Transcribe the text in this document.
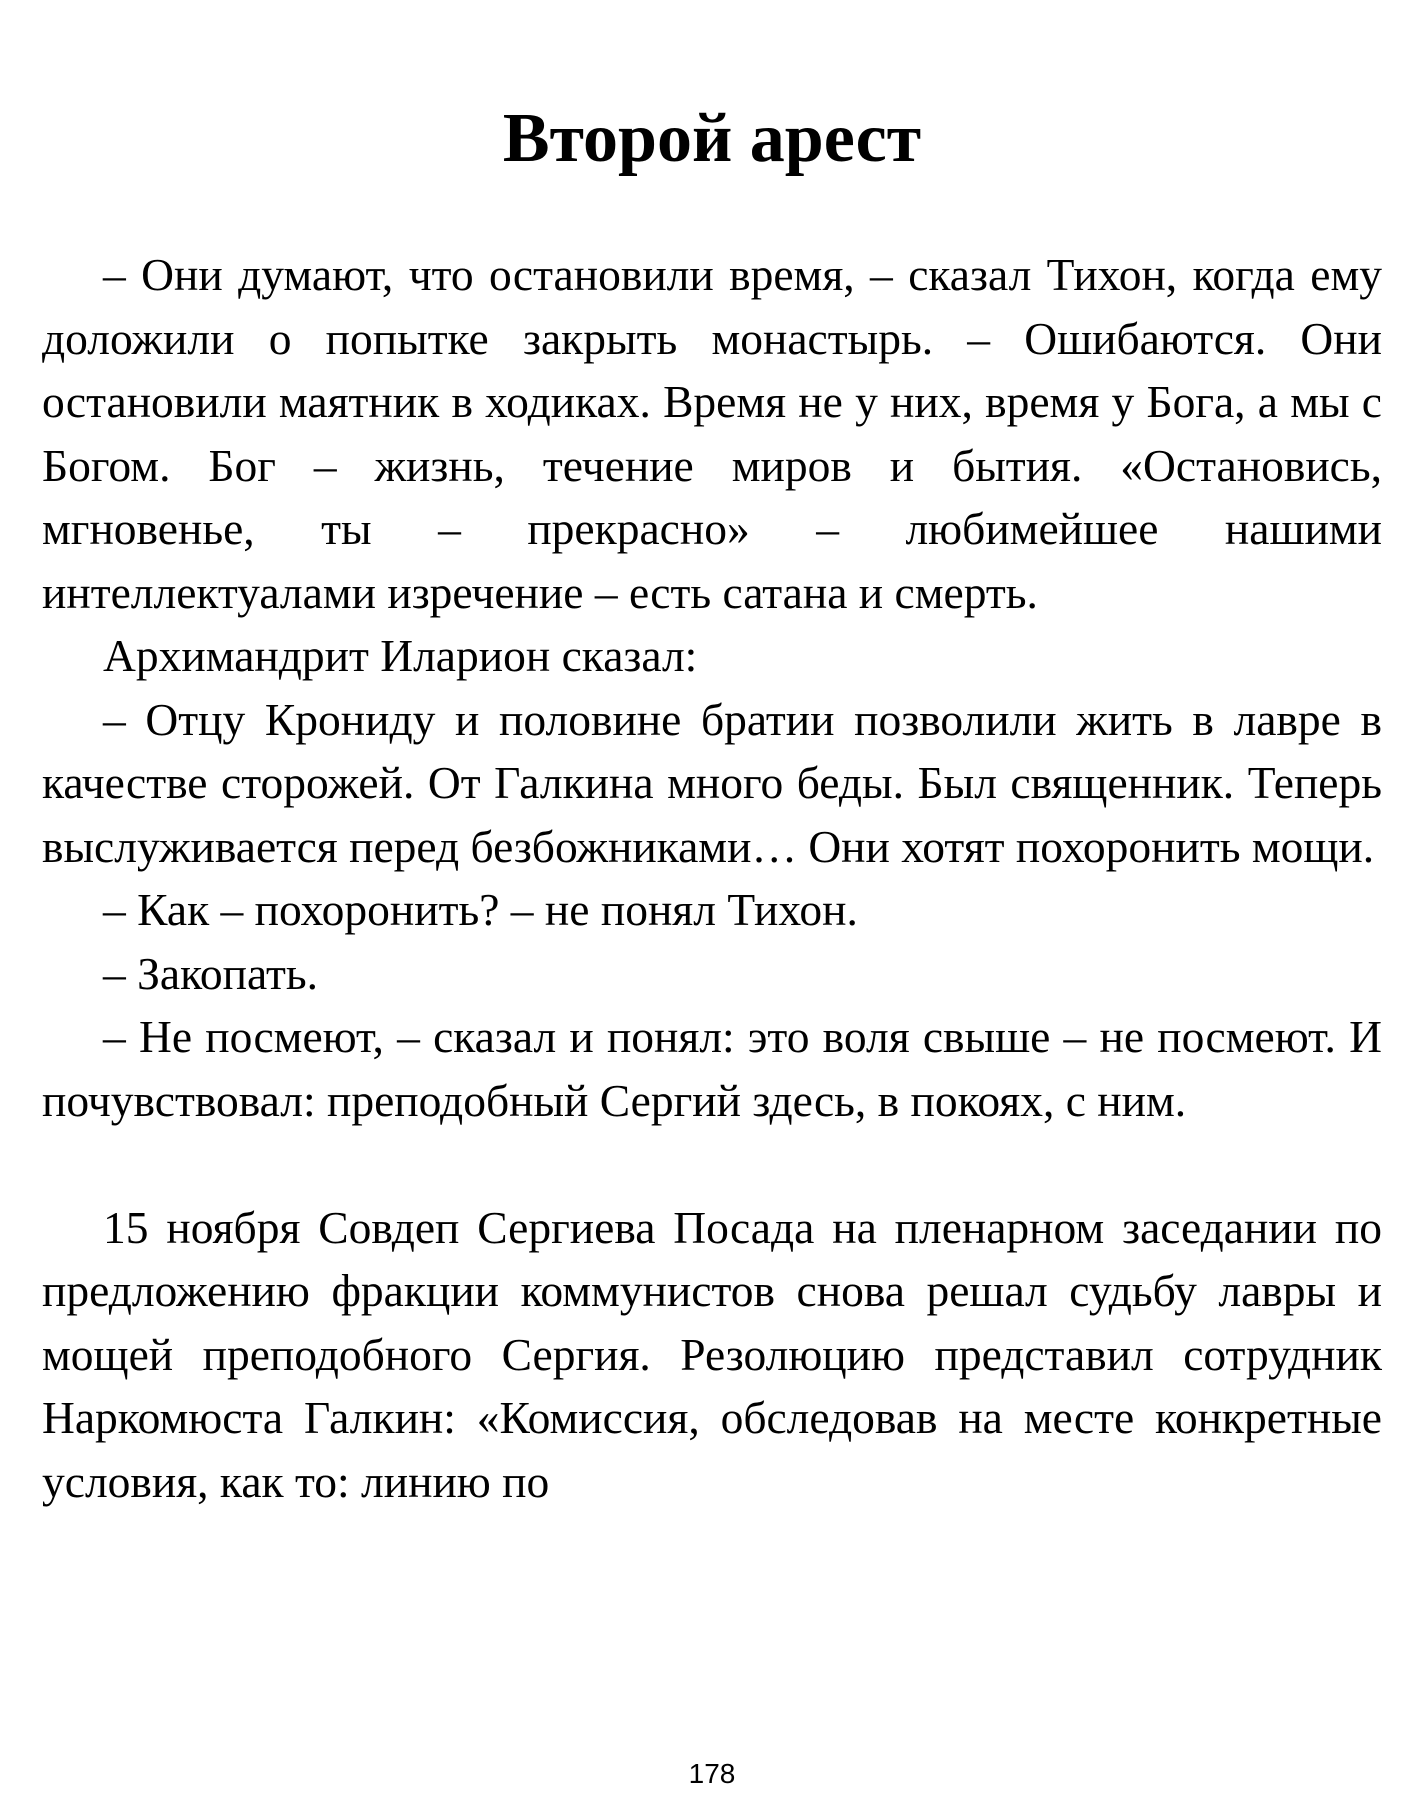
Второй арест

– Они думают, что остановили время, – сказал Тихон, когда ему доложили о попытке закрыть монастырь. – Ошибаются. Они остановили маятник в ходиках. Время не у них, время у Бога, а мы с Богом. Бог – жизнь, течение миров и бытия. «Остановись, мгновенье, ты – прекрасно» – любимейшее нашими интеллектуалами изречение – есть сатана и смерть.

Архимандрит Иларион сказал:

– Отцу Крониду и половине братии позволили жить в лавре в качестве сторожей. От Галкина много беды. Был священник. Теперь выслуживается перед безбожниками… Они хотят похоронить мощи.

– Как – похоронить? – не понял Тихон.

– Закопать.

– Не посмеют, – сказал и понял: это воля свыше – не посмеют. И почувствовал: преподобный Сергий здесь, в покоях, с ним.

15 ноября Совдеп Сергиева Посада на пленарном заседании по предложению фракции коммунистов снова решал судьбу лавры и мощей преподобного Сергия. Резолюцию представил сотрудник Наркомюста Галкин: «Комиссия, обследовав на месте конкретные условия, как то: линию по

178
